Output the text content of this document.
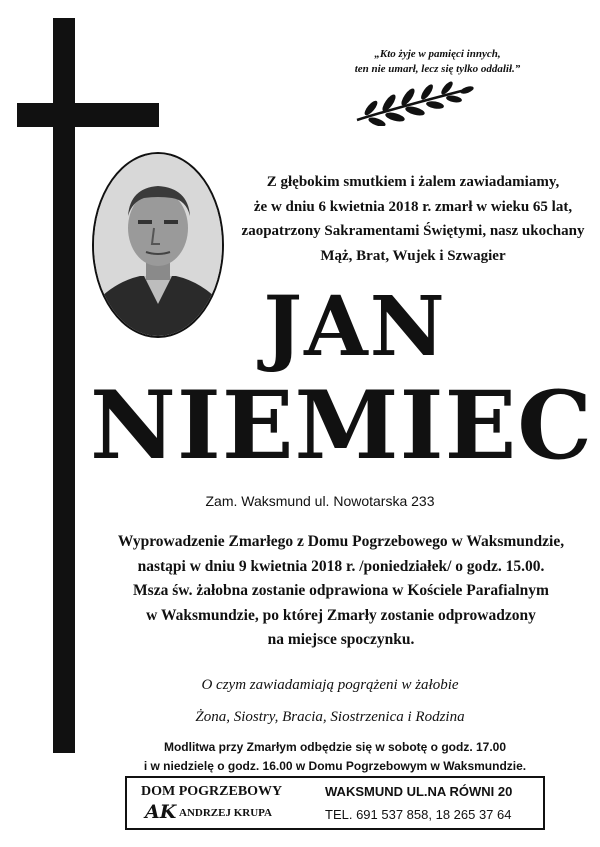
„Kto żyje w pamięci innych,
ten nie umarł, lecz się tylko oddalił.”
Z głębokim smutkiem i żalem zawiadamiamy,
że w dniu 6 kwietnia 2018 r. zmarł w wieku 65 lat,
zaopatrzony Sakramentami Świętymi, nasz ukochany
Mąż, Brat, Wujek i Szwagier
JAN
NIEMIEC
Zam. Waksmund ul. Nowotarska 233
Wyprowadzenie Zmarłego z Domu Pogrzebowego w Waksmundzie,
nastąpi w dniu 9 kwietnia 2018 r. /poniedziałek/ o godz. 15.00.
Msza św. żałobna zostanie odprawiona w Kościele Parafialnym
w Waksmundzie, po której Zmarły zostanie odprowadzony
na miejsce spoczynku.
O czym zawiadamiają pogrążeni w żałobie
Żona, Siostry, Bracia, Siostrzenica i Rodzina
Modlitwa przy Zmarłym odbędzie się w sobotę o godz. 17.00
i w niedzielę o godz. 16.00 w Domu Pogrzebowym w Waksmundzie.
DOM POGRZEBOWY
AK ANDRZEJ KRUPA
WAKSMUND UL.NA RÓWNI 20
TEL. 691 537 858, 18 265 37 64
